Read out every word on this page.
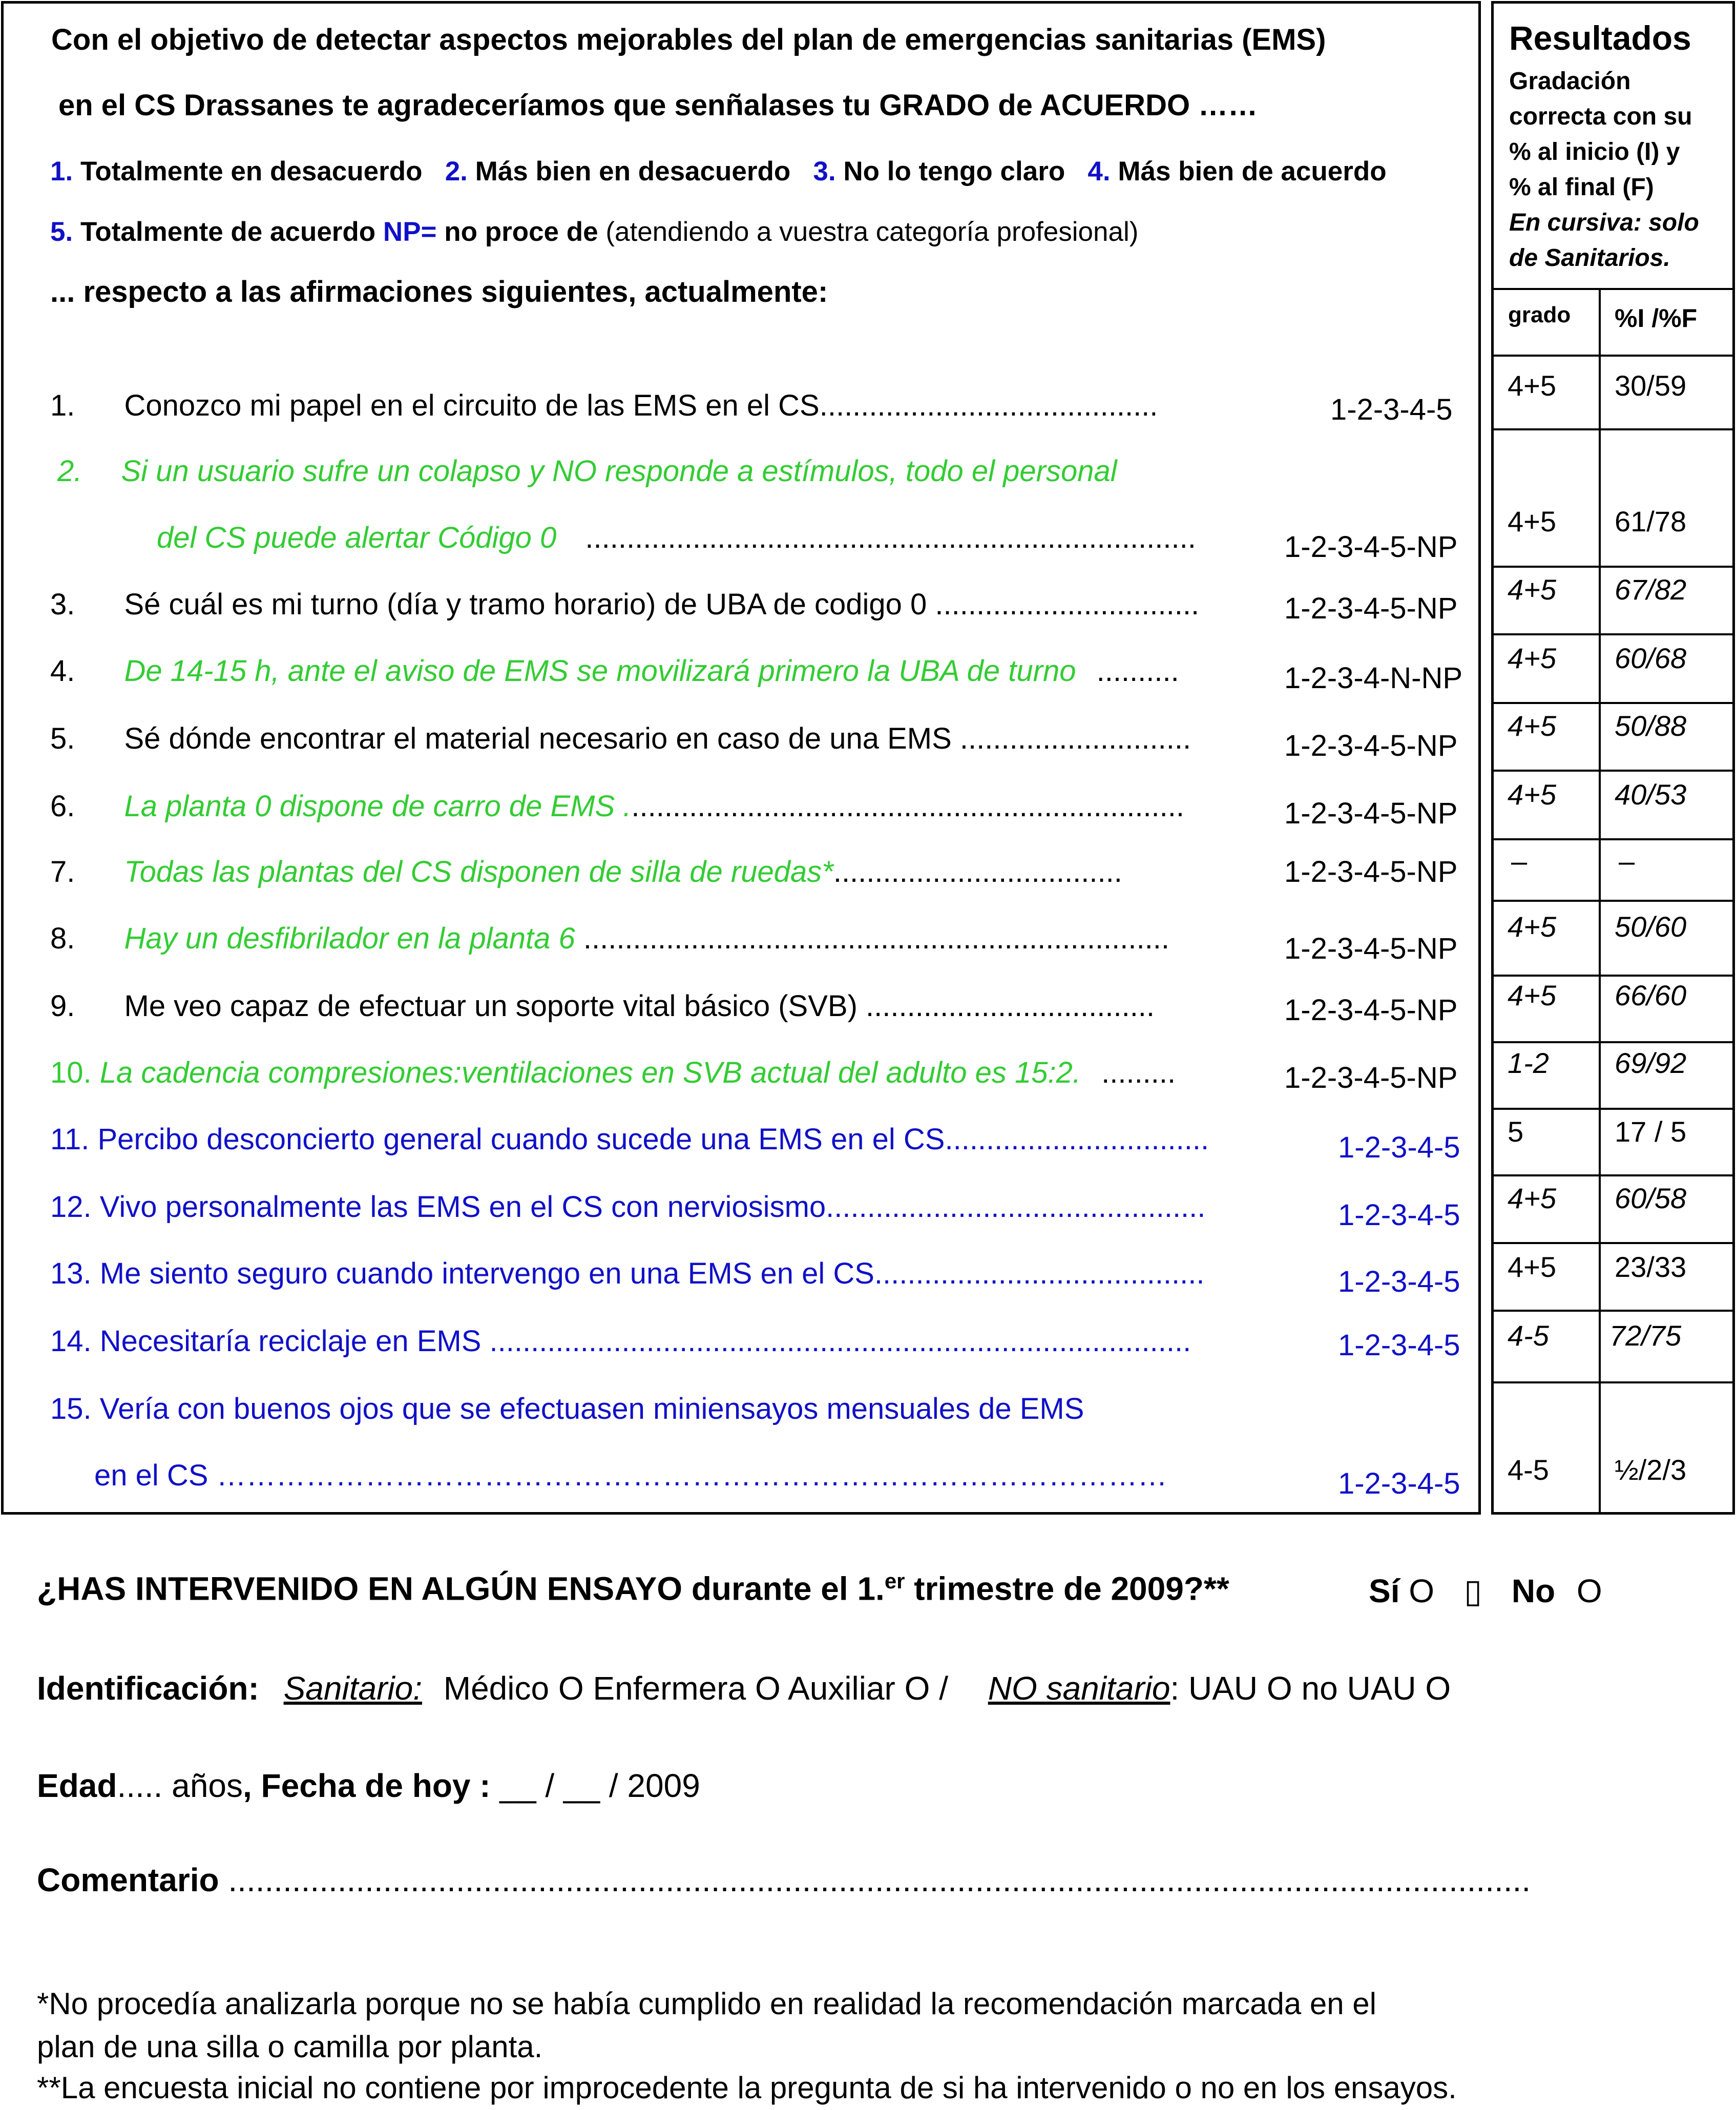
Con el objetivo de detectar aspectos mejorables del plan de emergencias sanitarias (EMS)
en el CS Drassanes te agradeceríamos que senñalases tu GRADO de ACUERDO ……
1. Totalmente en desacuerdo 2. Más bien en desacuerdo 3. No lo tengo claro 4. Más bien de acuerdo
5. Totalmente de acuerdo NP= no proce de (atendiendo a vuestra categoría profesional)
... respecto a las afirmaciones siguientes, actualmente:
Resultados
Gradación
correcta con su
% al inicio (I) y
% al final (F)
En cursiva: solo
de Sanitarios.
grado %I /%F
4+5 30/59
4+5 61/78
4+5 67/82
4+5 60/68
4+5 50/88
4+5 40/53
–	–
4+5 50/60
4+5 66/60
1-2 69/92
5	17 / 5
4+5 60/58
4+5 23/33
4-5 72/75
4-5 ½/2/3
1. Conozco mi papel en el circuito de las EMS en el CS.........................................	1-2-3-4-5
2. Si un usuario sufre un colapso y NO responde a estímulos, todo el personal
del CS puede alertar Código 0 ..........................................................................	1-2-3-4-5-NP
3. Sé cuál es mi turno (día y tramo horario) de UBA de codigo 0 ................................	1-2-3-4-5-NP
4. De 14-15 h, ante el aviso de EMS se movilizará primero la UBA de turno ..........	1-2-3-4-N-NP
5. Sé dónde encontrar el material necesario en caso de una EMS ............................	1-2-3-4-5-NP
6. La planta 0 dispone de carro de EMS ....................................................................	1-2-3-4-5-NP
7. Todas las plantas del CS disponen de silla de ruedas*...................................	1-2-3-4-5-NP
8. Hay un desfibrilador en la planta 6 .......................................................................	1-2-3-4-5-NP
9. Me veo capaz de efectuar un soporte vital básico (SVB) ...................................	1-2-3-4-5-NP
10. La cadencia compresiones:ventilaciones en SVB actual del adulto es 15:2. .........	1-2-3-4-5-NP
11. Percibo desconcierto general cuando sucede una EMS en el CS................................	1-2-3-4-5
12. Vivo personalmente las EMS en el CS con nerviosismo..............................................	1-2-3-4-5
13. Me siento seguro cuando intervengo en una EMS en el CS........................................	1-2-3-4-5
14. Necesitaría reciclaje en EMS .....................................................................................	1-2-3-4-5
15. Vería con buenos ojos que se efectuasen miniensayos mensuales de EMS
en el CS ……………………………………………………………………………………	1-2-3-4-5
¿HAS INTERVENIDO EN ALGÚN ENSAYO durante el 1.$^{er}$ trimestre de 2009?**	Sí O ▯ No O
Identificación: Sanitario: Médico O Enfermera O Auxiliar O / NO sanitario: UAU O no UAU O
Edad..... años, Fecha de hoy : __ / __ / 2009
Comentario ...............................................................................................................................................
*No procedía analizarla porque no se había cumplido en realidad la recomendación marcada en el
plan de una silla o camilla por planta.
**La encuesta inicial no contiene por improcedente la pregunta de si ha intervenido o no en los ensayos.
